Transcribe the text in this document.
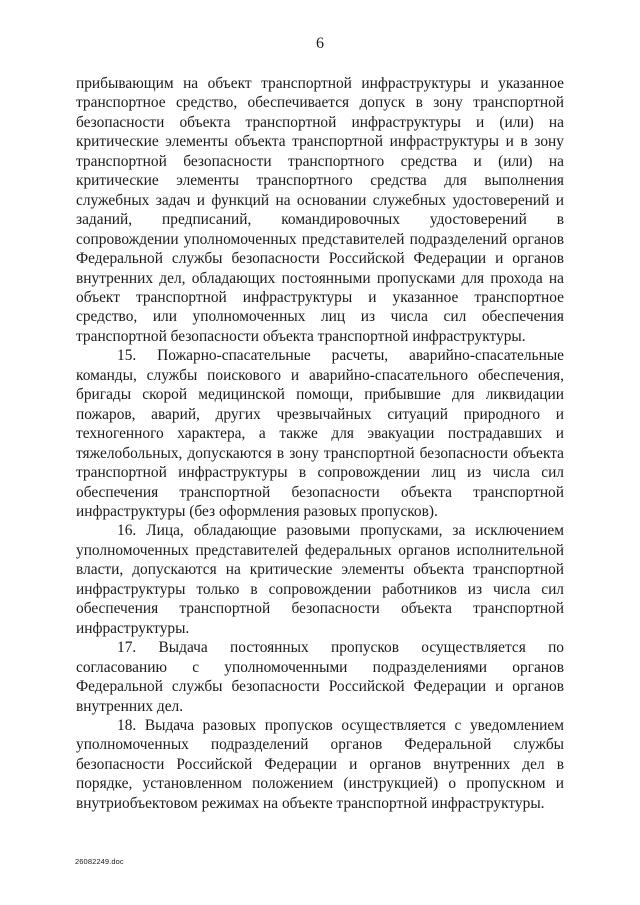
6

прибывающим на объект транспортной инфраструктуры и указанное транспортное средство, обеспечивается допуск в зону транспортной безопасности объекта транспортной инфраструктуры и (или) на критические элементы объекта транспортной инфраструктуры и в зону транспортной безопасности транспортного средства и (или) на критические элементы транспортного средства для выполнения служебных задач и функций на основании служебных удостоверений и заданий, предписаний, командировочных удостоверений в сопровождении уполномоченных представителей подразделений органов Федеральной службы безопасности Российской Федерации и органов внутренних дел, обладающих постоянными пропусками для прохода на объект транспортной инфраструктуры и указанное транспортное средство, или уполномоченных лиц из числа сил обеспечения транспортной безопасности объекта транспортной инфраструктуры.

15. Пожарно-спасательные расчеты, аварийно-спасательные команды, службы поискового и аварийно-спасательного обеспечения, бригады скорой медицинской помощи, прибывшие для ликвидации пожаров, аварий, других чрезвычайных ситуаций природного и техногенного характера, а также для эвакуации пострадавших и тяжелобольных, допускаются в зону транспортной безопасности объекта транспортной инфраструктуры в сопровождении лиц из числа сил обеспечения транспортной безопасности объекта транспортной инфраструктуры (без оформления разовых пропусков).

16. Лица, обладающие разовыми пропусками, за исключением уполномоченных представителей федеральных органов исполнительной власти, допускаются на критические элементы объекта транспортной инфраструктуры только в сопровождении работников из числа сил обеспечения транспортной безопасности объекта транспортной инфраструктуры.

17. Выдача постоянных пропусков осуществляется по согласованию с уполномоченными подразделениями органов Федеральной службы безопасности Российской Федерации и органов внутренних дел.

18. Выдача разовых пропусков осуществляется с уведомлением уполномоченных подразделений органов Федеральной службы безопасности Российской Федерации и органов внутренних дел в порядке, установленном положением (инструкцией) о пропускном и внутриобъектовом режимах на объекте транспортной инфраструктуры.

26082249.doc
